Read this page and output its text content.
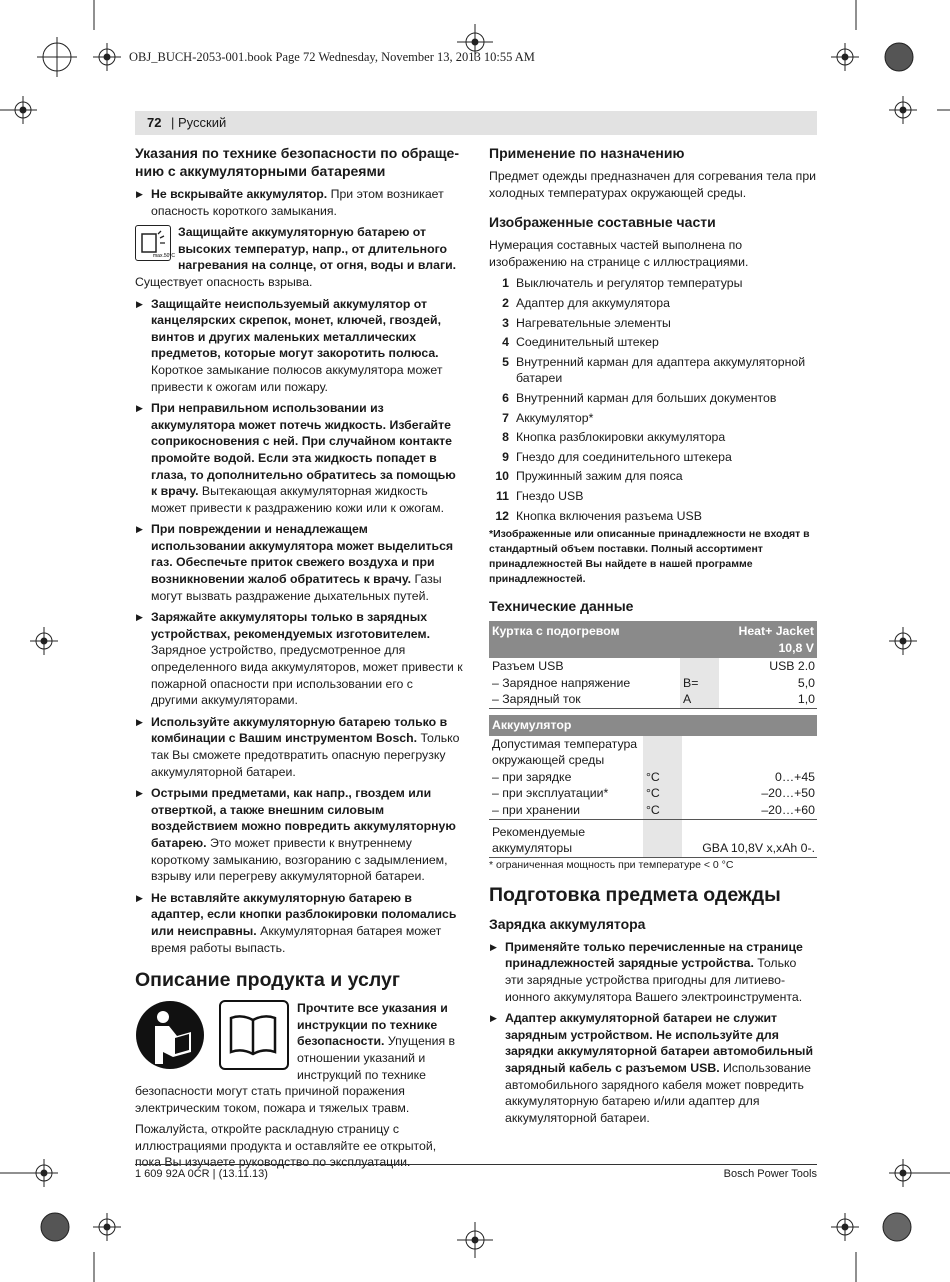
OBJ_BUCH-2053-001.book Page 72 Wednesday, November 13, 2013 10:55 AM
72 | Русский
Указания по технике безопасности по обраще-нию с аккумуляторными батареями
▶ Не вскрывайте аккумулятор. При этом возникает опасность короткого замыкания.
max.50°C
Защищайте аккумуляторную батарею от высоких температур, напр., от длительного нагревания на солнце, от огня, воды и влаги. Существует опасность взрыва.
▶ Защищайте неиспользуемый аккумулятор от канцелярских скрепок, монет, ключей, гвоздей, винтов и других маленьких металлических предметов, которые могут закоротить полюса. Короткое замыкание полюсов аккумулятора может привести к ожогам или пожару.
▶ При неправильном использовании из аккумулятора может потечь жидкость. Избегайте соприкосновения с ней. При случайном контакте промойте водой. Если эта жидкость попадет в глаза, то дополнительно обратитесь за помощью к врачу. Вытекающая аккумуляторная жидкость может привести к раздражению кожи или к ожогам.
▶ При повреждении и ненадлежащем использовании аккумулятора может выделиться газ. Обеспечьте приток свежего воздуха и при возникновении жалоб обратитесь к врачу. Газы могут вызвать раздражение дыхательных путей.
▶ Заряжайте аккумуляторы только в зарядных устройствах, рекомендуемых изготовителем. Зарядное устройство, предусмотренное для определенного вида аккумуляторов, может привести к пожарной опасности при использовании его с другими аккумуляторами.
▶ Используйте аккумуляторную батарею только в комбинации с Вашим инструментом Bosch. Только так Вы сможете предотвратить опасную перегрузку аккумуляторной батареи.
▶ Острыми предметами, как напр., гвоздем или отверткой, а также внешним силовым воздействием можно повредить аккумуляторную батарею. Это может привести к внутреннему короткому замыканию, возгоранию с задымлением, взрыву или перегреву аккумуляторной батареи.
▶ Не вставляйте аккумуляторную батарею в адаптер, если кнопки разблокировки поломались или неисправны. Аккумуляторная батарея может время работы выпасть.
Описание продукта и услуг

Прочтите все указания и инструкции по технике безопасности. Упущения в отношении указаний и инструкций по технике безопасности могут стать причиной поражения электрическим током, пожара и тяжелых травм.

Пожалуйста, откройте раскладную страницу с иллюстрациями продукта и оставляйте ее открытой, пока Вы изучаете руководство по эксплуатации.

Применение по назначению

Предмет одежды предназначен для согревания тела при холодных температурах окружающей среды.

Изображенные составные части

Нумерация составных частей выполнена по изображению на странице с иллюстрациями.

1 Выключатель и регулятор температуры
2 Адаптер для аккумулятора
3 Нагревательные элементы
4 Соединительный штекер
5 Внутренний карман для адаптера аккумуляторной батареи
6 Внутренний карман для больших документов
7 Аккумулятор*
8 Кнопка разблокировки аккумулятора
9 Гнездо для соединительного штекера
10 Пружинный зажим для пояса
11 Гнездо USB
12 Кнопка включения разъема USB
*Изображенные или описанные принадлежности не входят в стандартный объем поставки. Полный ассортимент принадлежностей Вы найдете в нашей программе принадлежностей.
Технические данные
Куртка с подогревом		Heat+ Jacket 10,8 V
Разъем USB		USB 2.0
– Зарядное напряжение	B=	5,0
– Зарядный ток	A	1,0
Аккумулятор		
Допустимая температура окружающей среды		
– при зарядке	°C	0…+45
– при эксплуатации*	°C	–20…+50
– при хранении	°C	–20…+60
Рекомендуемые аккумуляторы		GBA 10,8V x,xAh 0-.
* ограниченная мощность при температуре < 0 °C
Подготовка предмета одежды
Зарядка аккумулятора
▶ Применяйте только перечисленные на странице принадлежностей зарядные устройства. Только эти зарядные устройства пригодны для литиево-ионного аккумулятора Вашего электроинструмента.
▶ Адаптер аккумуляторной батареи не служит зарядным устройством. Не используйте для зарядки аккумуляторной батареи автомобильный зарядный кабель с разъемом USB. Использование автомобильного зарядного кабеля может повредить аккумуляторную батарею и/или адаптер для аккумуляторной батареи.
1 609 92A 0CR | (13.11.13)	Bosch Power Tools
